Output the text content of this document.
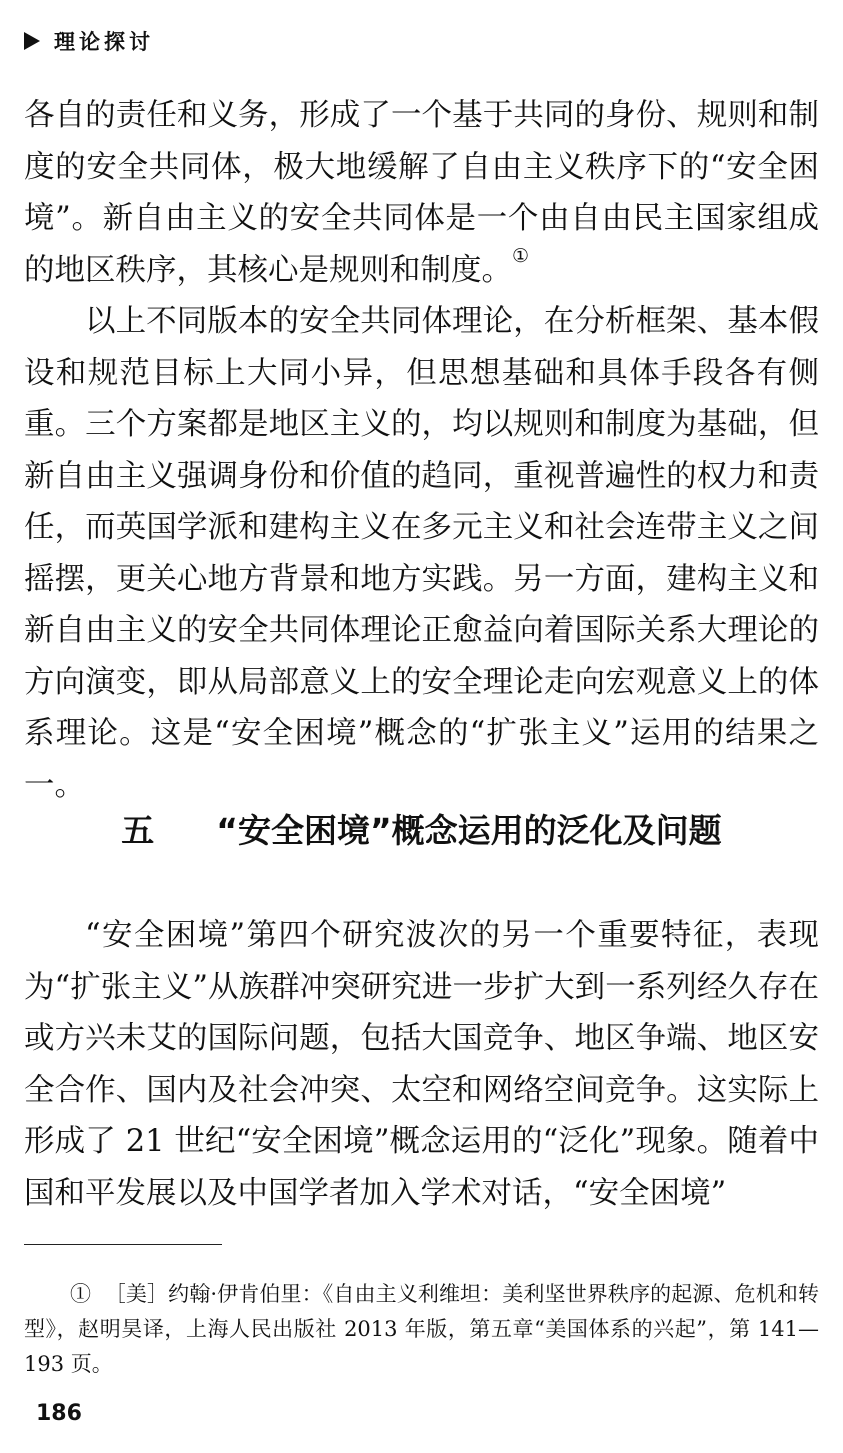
理论探讨

各自的责任和义务，形成了一个基于共同的身份、规则和制度的安全共同体，极大地缓解了自由主义秩序下的“安全困境”。新自由主义的安全共同体是一个由自由民主国家组成的地区秩序，其核心是规则和制度。①

以上不同版本的安全共同体理论，在分析框架、基本假设和规范目标上大同小异，但思想基础和具体手段各有侧重。三个方案都是地区主义的，均以规则和制度为基础，但新自由主义强调身份和价值的趋同，重视普遍性的权力和责任，而英国学派和建构主义在多元主义和社会连带主义之间摇摆，更关心地方背景和地方实践。另一方面，建构主义和新自由主义的安全共同体理论正愈益向着国际关系大理论的方向演变，即从局部意义上的安全理论走向宏观意义上的体系理论。这是“安全困境”概念的“扩张主义”运用的结果之一。

五 “安全困境”概念运用的泛化及问题

“安全困境”第四个研究波次的另一个重要特征，表现为“扩张主义”从族群冲突研究进一步扩大到一系列经久存在或方兴未艾的国际问题，包括大国竞争、地区争端、地区安全合作、国内及社会冲突、太空和网络空间竞争。这实际上形成了 21 世纪“安全困境”概念运用的“泛化”现象。随着中国和平发展以及中国学者加入学术对话，“安全困境”

① ［美］约翰·伊肯伯里：《自由主义利维坦：美利坚世界秩序的起源、危机和转型》，赵明昊译，上海人民出版社 2013 年版，第五章“美国体系的兴起”，第 141—193 页。

186
